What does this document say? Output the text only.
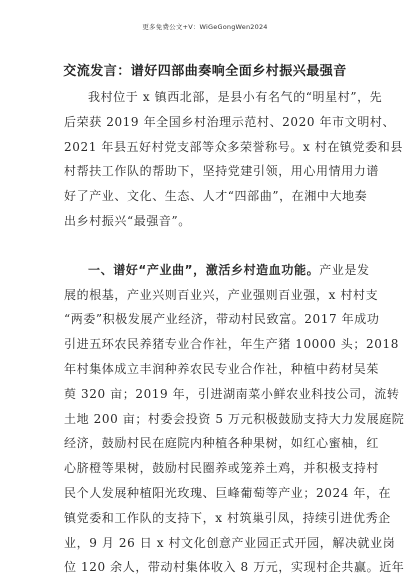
更多免费公文+V：WiGeGongWen2024
交流发言：谱好四部曲奏响全面乡村振兴最强音
我村位于 x 镇西北部，是县小有名气的“明星村”，先
后荣获 2019 年全国乡村治理示范村、2020 年市文明村、
2021 年县五好村党支部等众多荣誉称号。x 村在镇党委和县
村帮扶工作队的帮助下，坚持党建引领，用心用情用力谱
好了产业、文化、生态、人才“四部曲”，在湘中大地奏
出乡村振兴“最强音”。
一、谱好“产业曲”，激活乡村造血功能。产业是发
展的根基，产业兴则百业兴，产业强则百业强，x 村村支
“两委”积极发展产业经济，带动村民致富。2017 年成功
引进五环农民养猪专业合作社，年生产猪 10000 头；2018
年村集体成立丰润种养农民专业合作社，种植中药材吴茱
萸 320 亩；2019 年，引进湖南菜小鲜农业科技公司，流转
土地 200 亩；村委会投资 5 万元积极鼓励支持大力发展庭院
经济，鼓励村民在庭院内种植各种果树，如红心蜜柚，红
心脐橙等果树，鼓励村民圈养或笼养土鸡，并积极支持村
民个人发展种植阳光玫瑰、巨峰葡萄等产业；2024 年，在
镇党委和工作队的支持下，x 村筑巢引凤，持续引进优秀企
业，9 月 26 日 x 村文化创意产业园正式开园，解决就业岗
位 120 余人，带动村集体收入 8 万元，实现村企共赢。近年
